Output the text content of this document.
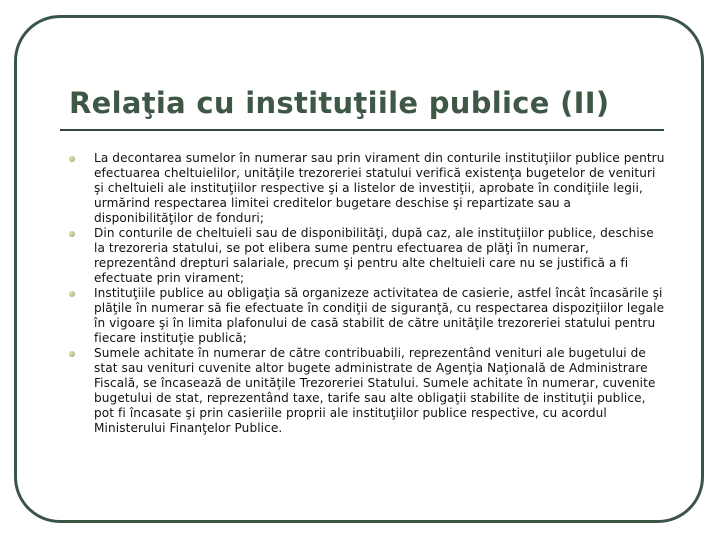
Relaţia cu instituţiile publice (II)
La decontarea sumelor în numerar sau prin virament din conturile instituţiilor publice pentru efectuarea cheltuielilor, unităţile trezoreriei statului verifică existenţa bugetelor de venituri şi cheltuieli ale instituţiilor respective şi a listelor de investiţii, aprobate în condiţiile legii, urmărind respectarea limitei creditelor bugetare deschise şi repartizate sau a disponibilităţilor de fonduri;
Din conturile de cheltuieli sau de disponibilităţi, după caz, ale instituţiilor publice, deschise la trezoreria statului, se pot elibera sume pentru efectuarea de plăţi în numerar, reprezentând drepturi salariale, precum şi pentru alte cheltuieli care nu se justifică a fi efectuate prin virament;
Instituţiile publice au obligaţia să organizeze activitatea de casierie, astfel încât încasările şi plăţile în numerar să fie efectuate în condiţii de siguranţă, cu respectarea dispoziţiilor legale în vigoare şi în limita plafonului de casă stabilit de către unităţile trezoreriei statului pentru fiecare instituţie publică;
Sumele achitate în numerar de către contribuabili, reprezentând venituri ale bugetului de stat sau venituri cuvenite altor bugete administrate de Agenţia Naţională de Administrare Fiscală, se încasează de unităţile Trezoreriei Statului. Sumele achitate în numerar, cuvenite bugetului de stat, reprezentând taxe, tarife sau alte obligaţii stabilite de instituţii publice, pot fi încasate şi prin casieriile proprii ale instituţiilor publice respective, cu acordul Ministerului Finanţelor Publice.
